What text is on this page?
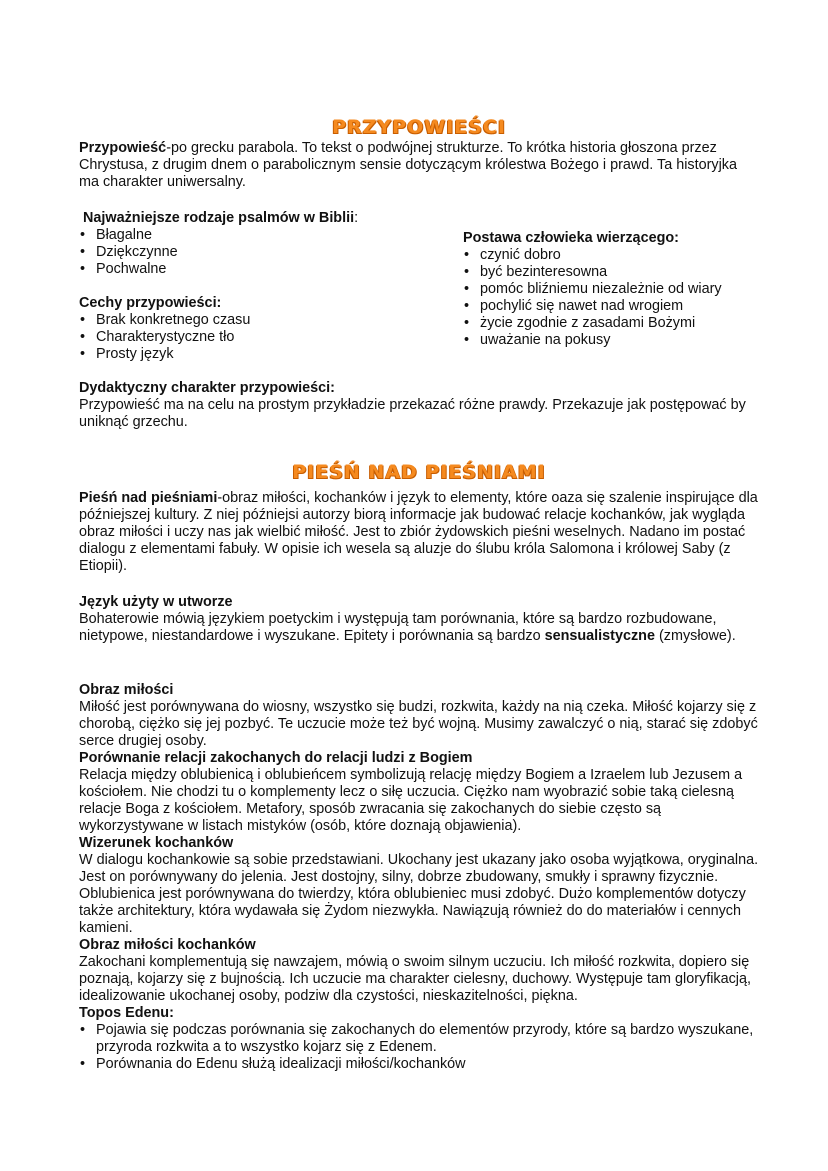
PRZYPOWIEŚCI

Przypowieść-po grecku parabola. To tekst o podwójnej strukturze. To krótka historia głoszona przez Chrystusa, z drugim dnem o parabolicznym sensie dotyczącym królestwa Bożego i prawd. Ta historyjka ma charakter uniwersalny.

Najważniejsze rodzaje psalmów w Biblii:

• Błagalne
• Dziękczynne
• Pochwalne

Cechy przypowieści:

• Brak konkretnego czasu
• Charakterystyczne tło
• Prosty język

Postawa człowieka wierzącego:

• czynić dobro
• być bezinteresowna
• pomóc bliźniemu niezależnie od wiary
• pochylić się nawet nad wrogiem
• życie zgodnie z zasadami Bożymi
• uważanie na pokusy

Dydaktyczny charakter przypowieści:

Przypowieść ma na celu na prostym przykładzie przekazać różne prawdy. Przekazuje jak postępować by uniknąć grzechu.

PIEŚŃ NAD PIEŚNIAMI

Pieśń nad pieśniami-obraz miłości, kochanków i język to elementy, które oaza się szalenie inspirujące dla późniejszej kultury. Z niej późniejsi autorzy biorą informacje jak budować relacje kochanków, jak wygląda obraz miłości i uczy nas jak wielbić miłość. Jest to zbiór żydowskich pieśni weselnych. Nadano im postać dialogu z elementami fabuły. W opisie ich wesela są aluzje do ślubu króla Salomona i królowej Saby (z Etiopii).

Język użyty w utworze

Bohaterowie mówią językiem poetyckim i występują tam porównania, które są bardzo rozbudowane, nietypowe, niestandardowe i wyszukane. Epitety i porównania są bardzo sensualistyczne (zmysłowe).

Obraz miłości

Miłość jest porównywana do wiosny, wszystko się budzi, rozkwita, każdy na nią czeka. Miłość kojarzy się z chorobą, ciężko się jej pozbyć. Te uczucie może też być wojną. Musimy zawalczyć o nią, starać się zdobyć serce drugiej osoby.

Porównanie relacji zakochanych do relacji ludzi z Bogiem

Relacja między oblubienicą i oblubieńcem symbolizują relację między Bogiem a Izraelem lub Jezusem a kościołem. Nie chodzi tu o komplementy lecz o siłę uczucia. Ciężko nam wyobrazić sobie taką cielesną relacje Boga z kościołem. Metafory, sposób zwracania się zakochanych do siebie często są wykorzystywane w listach mistyków (osób, które doznają objawienia).

Wizerunek kochanków

W dialogu kochankowie są sobie przedstawiani. Ukochany jest ukazany jako osoba wyjątkowa, oryginalna. Jest on porównywany do jelenia. Jest dostojny, silny, dobrze zbudowany, smukły i sprawny fizycznie. Oblubienica jest porównywana do twierdzy, która oblubieniec musi zdobyć. Dużo komplementów dotyczy także architektury, która wydawała się Żydom niezwykła. Nawiązują również do do materiałów i cennych kamieni.

Obraz miłości kochanków

Zakochani komplementują się nawzajem, mówią o swoim silnym uczuciu. Ich miłość rozkwita, dopiero się poznają, kojarzy się z bujnością. Ich uczucie ma charakter cielesny, duchowy. Występuje tam gloryfikacją, idealizowanie ukochanej osoby, podziw dla czystości, nieskazitelności, piękna.

Topos Edenu:

• Pojawia się podczas porównania się zakochanych do elementów przyrody, które są bardzo wyszukane, przyroda rozkwita a to wszystko kojarz się z Edenem.
• Porównania do Edenu służą idealizacji miłości/kochanków
